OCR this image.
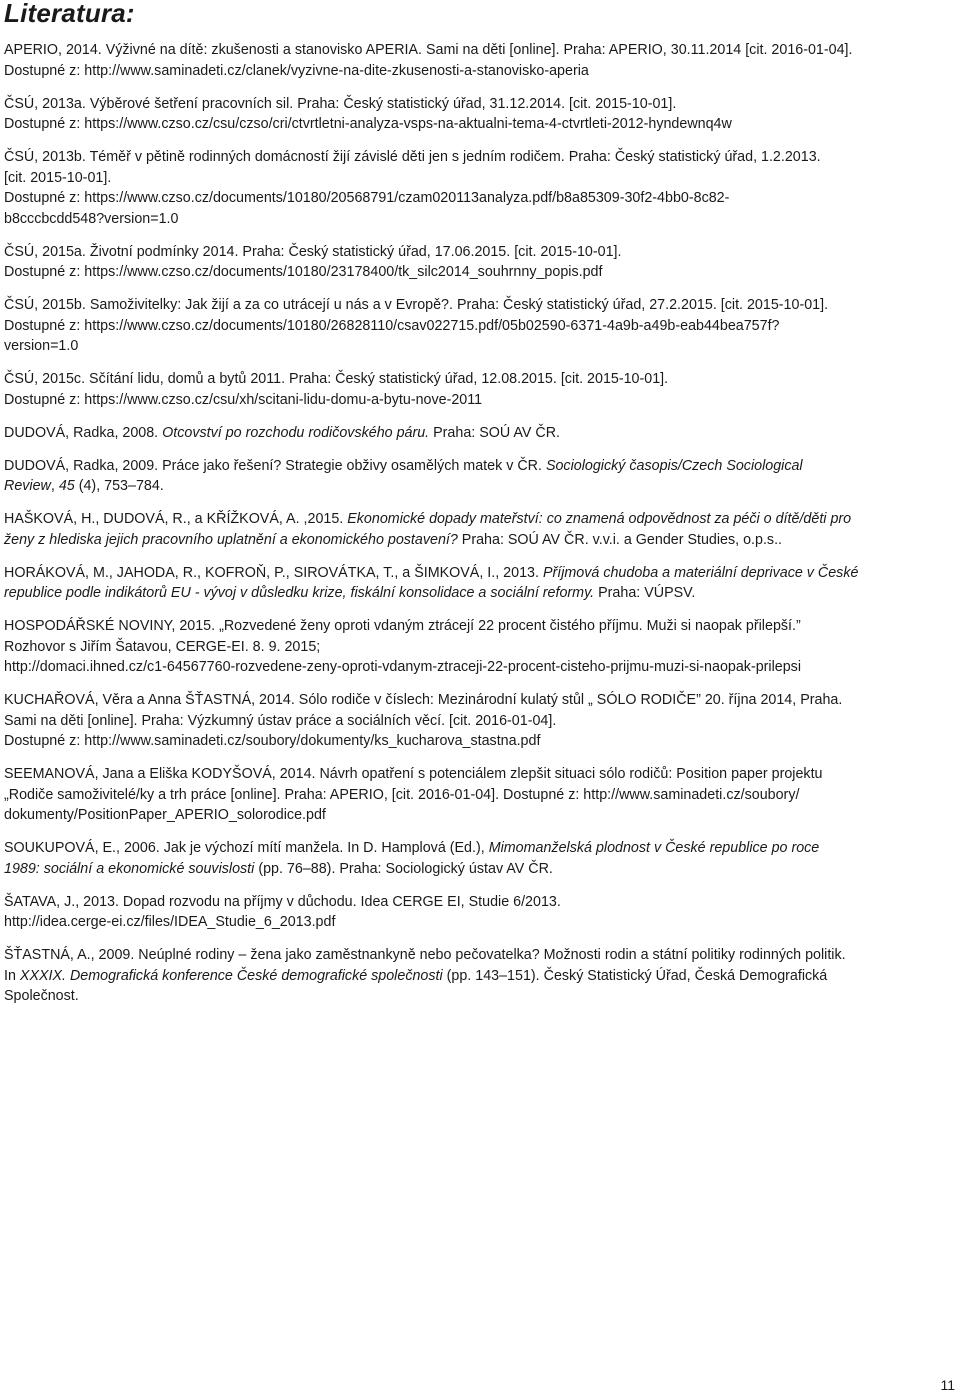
Literatura:

APERIO, 2014. Výživné na dítě: zkušenosti a stanovisko APERIA. Sami na děti [online]. Praha: APERIO, 30.11.2014 [cit. 2016-01-04].
Dostupné z: http://www.saminadeti.cz/clanek/vyzivne-na-dite-zkusenosti-a-stanovisko-aperia

ČSÚ, 2013a. Výběrové šetření pracovních sil. Praha: Český statistický úřad, 31.12.2014. [cit. 2015-10-01].
Dostupné z: https://www.czso.cz/csu/czso/cri/ctvrtletni-analyza-vsps-na-aktualni-tema-4-ctvrtleti-2012-hyndewnq4w

ČSÚ, 2013b. Téměř v pětině rodinných domácností žijí závislé děti jen s jedním rodičem. Praha: Český statistický úřad, 1.2.2013.
[cit. 2015-10-01].
Dostupné z: https://www.czso.cz/documents/10180/20568791/czam020113analyza.pdf/b8a85309-30f2-4bb0-8c82-
b8cccbcdd548?version=1.0

ČSÚ, 2015a. Životní podmínky 2014. Praha: Český statistický úřad, 17.06.2015. [cit. 2015-10-01].
Dostupné z: https://www.czso.cz/documents/10180/23178400/tk_silc2014_souhrnny_popis.pdf

ČSÚ, 2015b. Samoživitelky: Jak žijí a za co utrácejí u nás a v Evropě?. Praha: Český statistický úřad, 27.2.2015. [cit. 2015-10-01].
Dostupné z: https://www.czso.cz/documents/10180/26828110/csav022715.pdf/05b02590-6371-4a9b-a49b-eab44bea757f?
version=1.0

ČSÚ, 2015c. Sčítání lidu, domů a bytů 2011. Praha: Český statistický úřad, 12.08.2015. [cit. 2015-10-01].
Dostupné z: https://www.czso.cz/csu/xh/scitani-lidu-domu-a-bytu-nove-2011

DUDOVÁ, Radka, 2008. Otcovství po rozchodu rodičovského páru. Praha: SOÚ AV ČR.

DUDOVÁ, Radka, 2009. Práce jako řešení? Strategie obživy osamělých matek v ČR. Sociologický časopis/Czech Sociological
Review, 45 (4), 753–784.

HAŠKOVÁ, H., DUDOVÁ, R., a KŘÍŽKOVÁ, A. ,2015. Ekonomické dopady mateřství: co znamená odpovědnost za péči o dítě/děti pro
ženy z hlediska jejich pracovního uplatnění a ekonomického postavení? Praha: SOÚ AV ČR. v.v.i. a Gender Studies, o.p.s..

HORÁKOVÁ, M., JAHODA, R., KOFROŇ, P., SIROVÁTKA, T., a ŠIMKOVÁ, I., 2013. Příjmová chudoba a materiální deprivace v České
republice podle indikátorů EU - vývoj v důsledku krize, fiskální konsolidace a sociální reformy. Praha: VÚPSV.

HOSPODÁŘSKÉ NOVINY, 2015. „Rozvedené ženy oproti vdaným ztrácejí 22 procent čistého příjmu. Muži si naopak přilepší.”
Rozhovor s Jiřím Šatavou, CERGE-EI. 8. 9. 2015;
http://domaci.ihned.cz/c1-64567760-rozvedene-zeny-oproti-vdanym-ztraceji-22-procent-cisteho-prijmu-muzi-si-naopak-prilepsi

KUCHAŘOVÁ, Věra a Anna ŠŤASTNÁ, 2014. Sólo rodiče v číslech: Mezinárodní kulatý stůl „ SÓLO RODIČE” 20. října 2014, Praha.
Sami na děti [online]. Praha: Výzkumný ústav práce a sociálních věcí. [cit. 2016-01-04].
Dostupné z: http://www.saminadeti.cz/soubory/dokumenty/ks_kucharova_stastna.pdf

SEEMANOVÁ, Jana a Eliška KODYŠOVÁ, 2014. Návrh opatření s potenciálem zlepšit situaci sólo rodičů: Position paper projektu
„Rodiče samoživitelé/ky a trh práce [online]. Praha: APERIO, [cit. 2016-01-04]. Dostupné z: http://www.saminadeti.cz/soubory/
dokumenty/PositionPaper_APERIO_solorodice.pdf

SOUKUPOVÁ, E., 2006. Jak je výchozí mítí manžela. In D. Hamplová (Ed.), Mimomanželská plodnost v České republice po roce
1989: sociální a ekonomické souvislosti (pp. 76–88). Praha: Sociologický ústav AV ČR.

ŠATAVA, J., 2013. Dopad rozvodu na příjmy v důchodu. Idea CERGE EI, Studie 6/2013.
http://idea.cerge-ei.cz/files/IDEA_Studie_6_2013.pdf

ŠŤASTNÁ, A., 2009. Neúplné rodiny – žena jako zaměstnankyně nebo pečovatelka? Možnosti rodin a státní politiky rodinných politik.
In XXXIX. Demografická konference České demografické společnosti (pp. 143–151). Český Statistický Úřad, Česká Demografická
Společnost.

11
